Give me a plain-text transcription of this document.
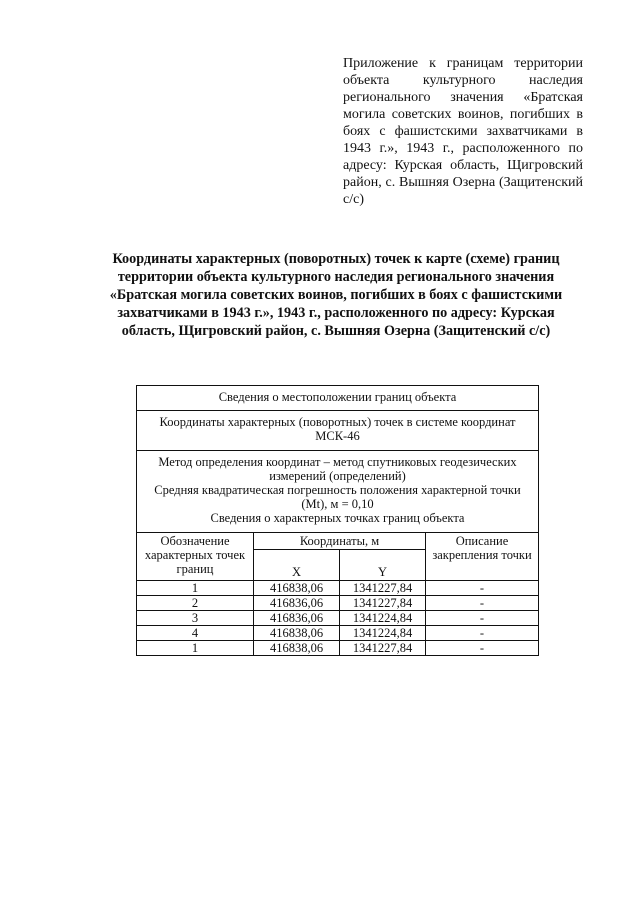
Приложение к границам территории объекта культурного наследия регионального значения «Братская могила советских воинов, погибших в боях с фашистскими захватчиками в 1943 г.», 1943 г., расположенного по адресу: Курская область, Щигровский район, с. Вышняя Озерна (Защитенский с/с)
Координаты характерных (поворотных) точек к карте (схеме) границ территории объекта культурного наследия регионального значения «Братская могила советских воинов, погибших в боях с фашистскими захватчиками в 1943 г.», 1943 г., расположенного по адресу: Курская область, Щигровский район, с. Вышняя Озерна (Защитенский с/с)
Сведения о местоположении границ объекта			
Координаты характерных (поворотных) точек в системе координат МСК-46			

Метод определения координат – метод спутниковых геодезических измерений (определений)
Средняя квадратическая погрешность положения характерной точки (Mt), м = 0,10
Сведения о характерных точках границ объекта			

Обозначение характерных точек границ	Координаты, м		Описание закрепления точки
	X	Y	
1	416838,06	1341227,84	-
2	416836,06	1341227,84	-
3	416836,06	1341224,84	-
4	416838,06	1341224,84	-
1	416838,06	1341227,84	-
